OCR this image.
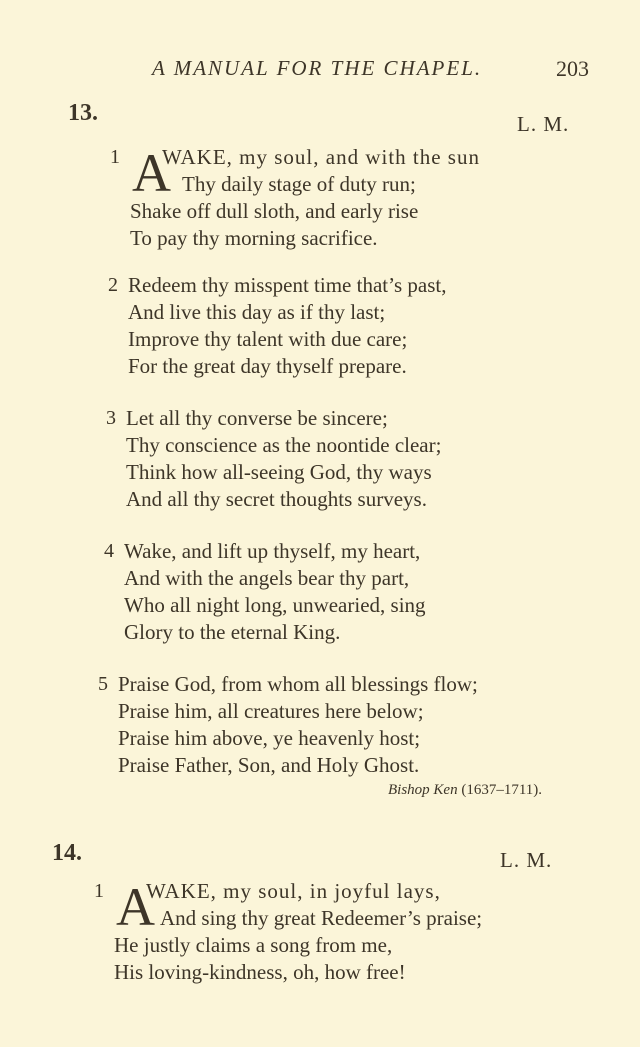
A MANUAL FOR THE CHAPEL.	203
13.	L. M.
1 A
WAKE, my soul, and with the sun
Thy daily stage of duty run;
Shake off dull sloth, and early rise
To pay thy morning sacrifice.
2 Redeem thy misspent time that’s past,
And live this day as if thy last;
Improve thy talent with due care;
For the great day thyself prepare.
3 Let all thy converse be sincere;
Thy conscience as the noontide clear;
Think how all-seeing God, thy ways
And all thy secret thoughts surveys.
4 Wake, and lift up thyself, my heart,
And with the angels bear thy part,
Who all night long, unwearied, sing
Glory to the eternal King.
5 Praise God, from whom all blessings flow;
Praise him, all creatures here below;
Praise him above, ye heavenly host;
Praise Father, Son, and Holy Ghost.
Bishop Ken (1637–1711).
14.	L. M.
1 A
WAKE, my soul, in joyful lays,
And sing thy great Redeemer’s praise;
He justly claims a song from me,
His loving-kindness, oh, how free!
